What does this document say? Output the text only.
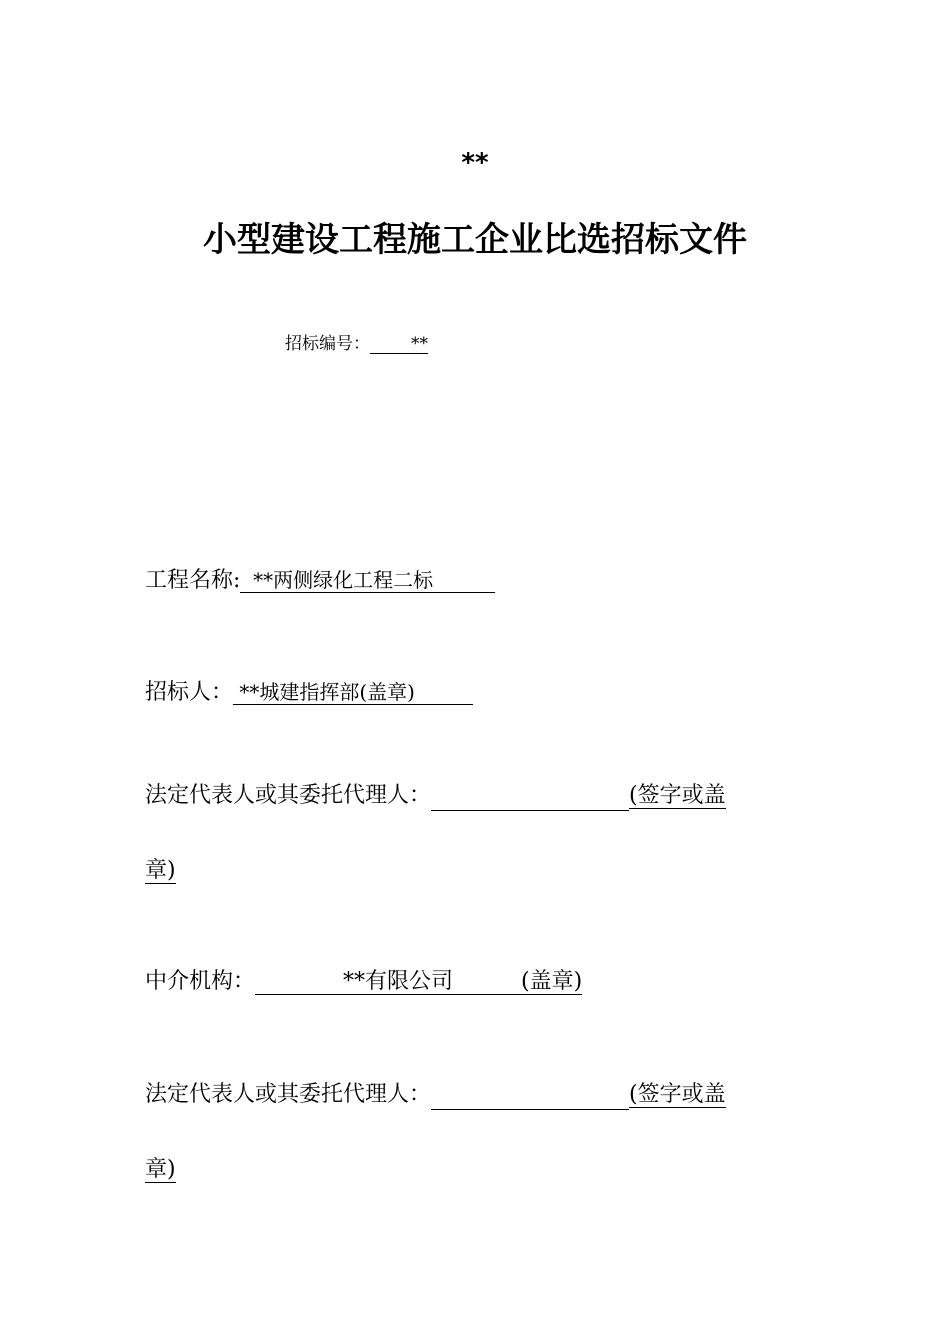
**
小型建设工程施工企业比选招标文件
招标编号： **
工程名称:  **两侧绿化工程二标
招标人： **城建指挥部(盖章)
法定代表人或其委托代理人：	(签字或盖
章)
中介机构：	**有限公司	(盖章)
法定代表人或其委托代理人：	(签字或盖
章)
